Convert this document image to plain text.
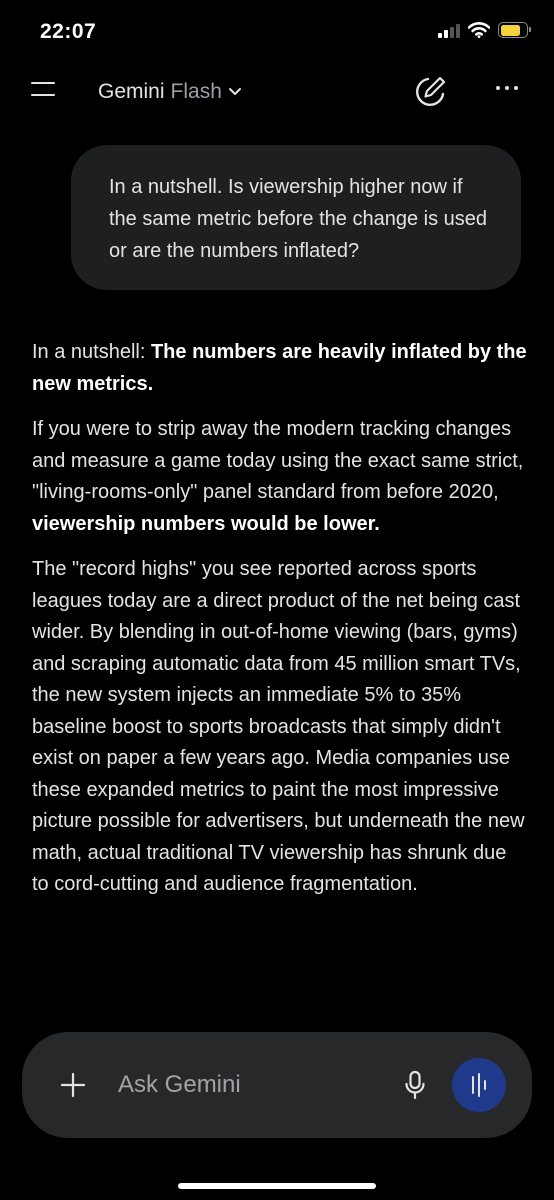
22:07
Gemini Flash

In a nutshell. Is viewership higher now if the same metric before the change is used or are the numbers inflated?

In a nutshell: The numbers are heavily inflated by the new metrics.

If you were to strip away the modern tracking changes and measure a game today using the exact same strict, "living-rooms-only" panel standard from before 2020, viewership numbers would be lower.

The "record highs" you see reported across sports leagues today are a direct product of the net being cast wider. By blending in out-of-home viewing (bars, gyms) and scraping automatic data from 45 million smart TVs, the new system injects an immediate 5% to 35% baseline boost to sports broadcasts that simply didn't exist on paper a few years ago. Media companies use these expanded metrics to paint the most impressive picture possible for advertisers, but underneath the new math, actual traditional TV viewership has shrunk due to cord-cutting and audience fragmentation.

Ask Gemini
